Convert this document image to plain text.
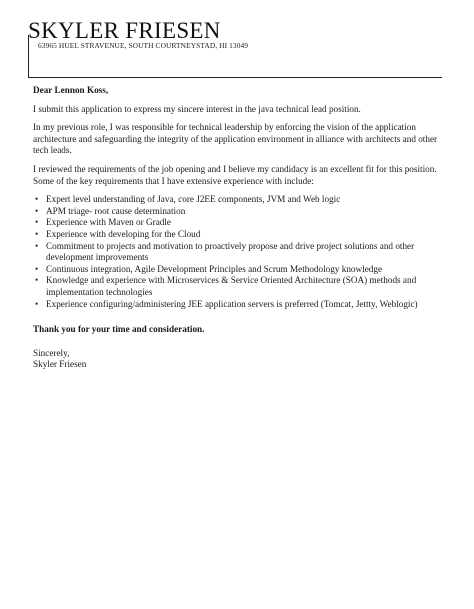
SKYLER FRIESEN
63965 HUEL STRAVENUE, SOUTH COURTNEYSTAD, HI 13049

Dear Lennon Koss,

I submit this application to express my sincere interest in the java technical lead position.

In my previous role, I was responsible for technical leadership by enforcing the vision of the application architecture and safeguarding the integrity of the application environment in alliance with architects and other tech leads.

I reviewed the requirements of the job opening and I believe my candidacy is an excellent fit for this position. Some of the key requirements that I have extensive experience with include:

• Expert level understanding of Java, core J2EE components, JVM and Web logic
• APM triage- root cause determination
• Experience with Maven or Gradle
• Experience with developing for the Cloud
• Commitment to projects and motivation to proactively propose and drive project solutions and other development improvements
• Continuous integration, Agile Development Principles and Scrum Methodology knowledge
• Knowledge and experience with Microservices & Service Oriented Architecture (SOA) methods and implementation technologies
• Experience configuring/administering JEE application servers is preferred (Tomcat, Jettty, Weblogic)

Thank you for your time and consideration.

Sincerely,

Skyler Friesen
